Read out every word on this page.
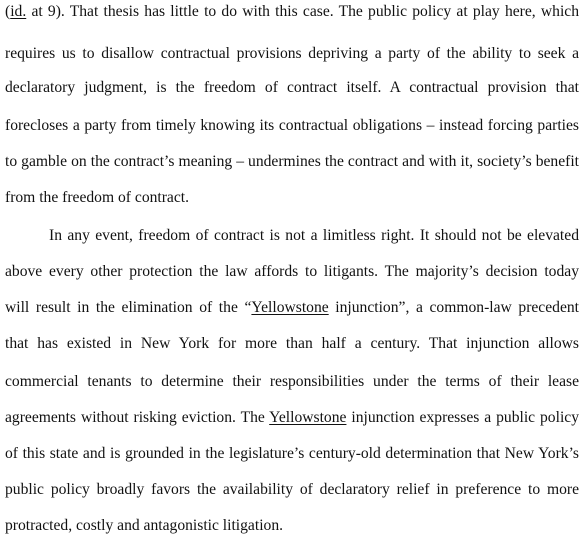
(id. at 9). That thesis has little to do with this case. The public policy at play here, which
requires us to disallow contractual provisions depriving a party of the ability to seek a
declaratory judgment, is the freedom of contract itself. A contractual provision that
forecloses a party from timely knowing its contractual obligations – instead forcing parties
to gamble on the contract’s meaning – undermines the contract and with it, society’s benefit
from the freedom of contract.
In any event, freedom of contract is not a limitless right. It should not be elevated
above every other protection the law affords to litigants. The majority’s decision today
will result in the elimination of the “Yellowstone injunction”, a common-law precedent
that has existed in New York for more than half a century. That injunction allows
commercial tenants to determine their responsibilities under the terms of their lease
agreements without risking eviction. The Yellowstone injunction expresses a public policy
of this state and is grounded in the legislature’s century-old determination that New York’s
public policy broadly favors the availability of declaratory relief in preference to more
protracted, costly and antagonistic litigation.
